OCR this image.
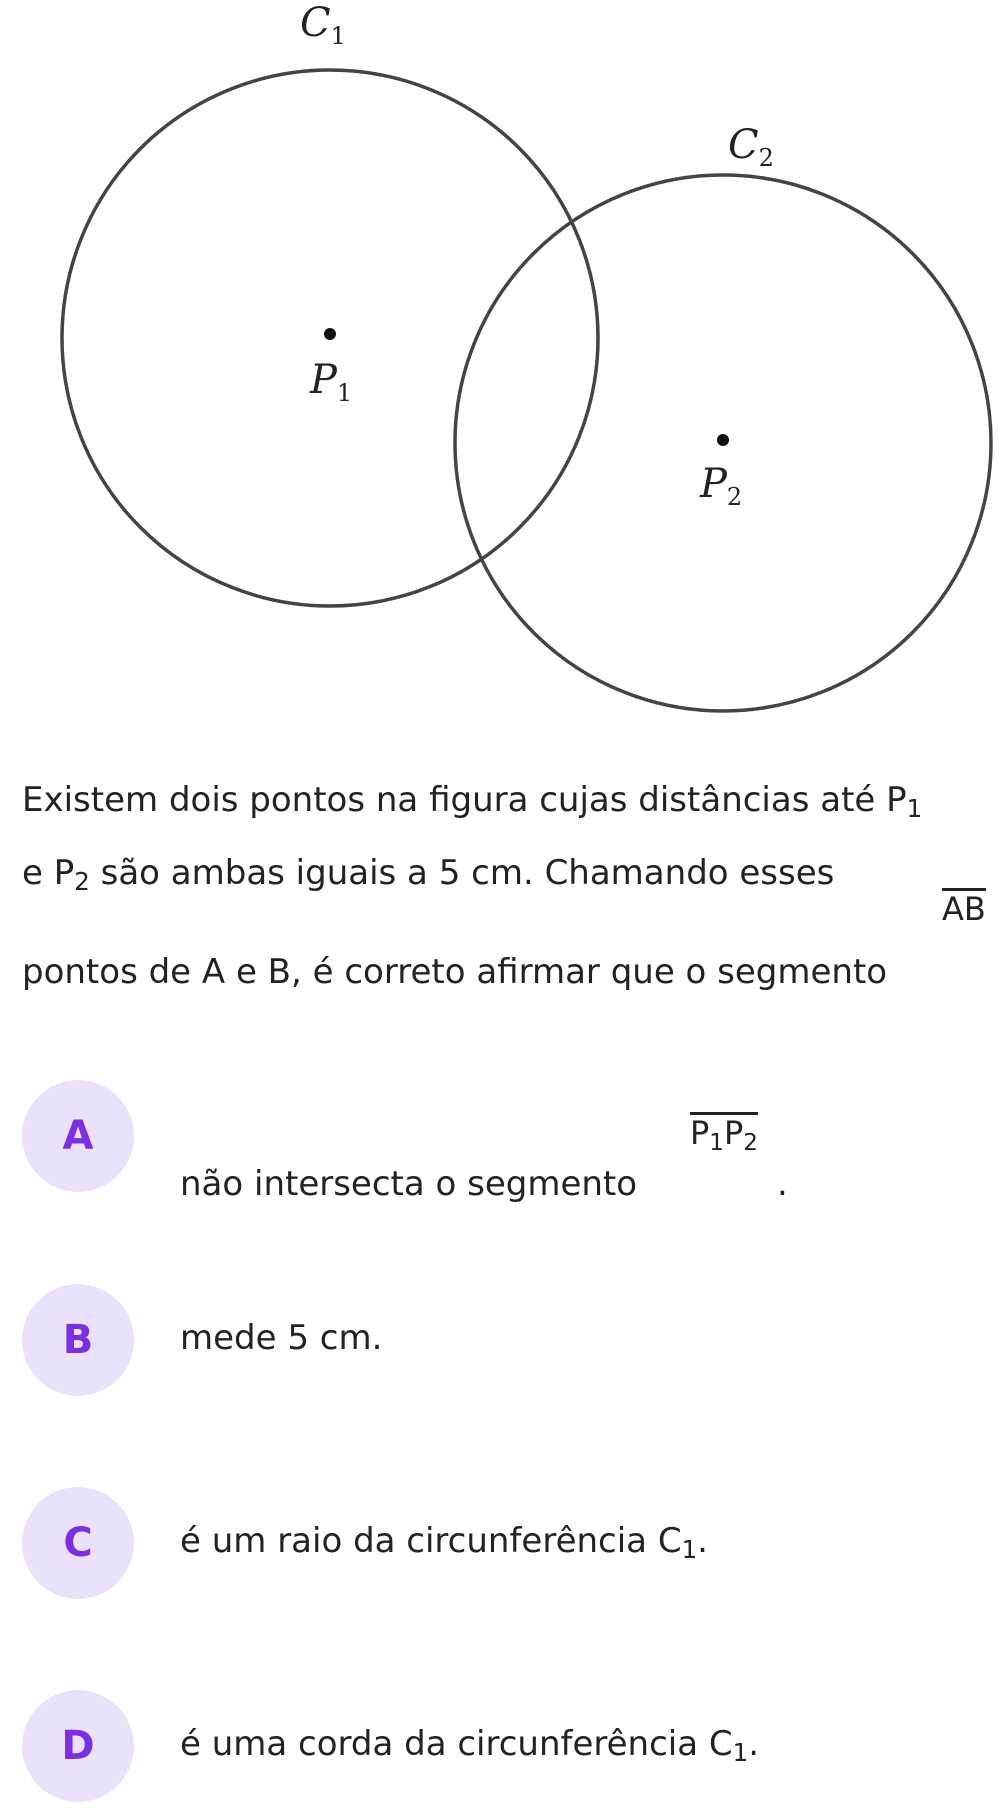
$C_1$
$C_2$
$P_1$
$P_2$
Existem dois pontos na figura cujas distâncias até $P_1$
e $P_2$ são ambas iguais a 5 cm. Chamando esses
pontos de A e B, é correto afirmar que o segmento
AB
A
não intersecta o segmento
$P_1P_2$
.
B	mede 5 cm.
C	é um raio da circunferência $C_1$.
D	é uma corda da circunferência $C_1$.
